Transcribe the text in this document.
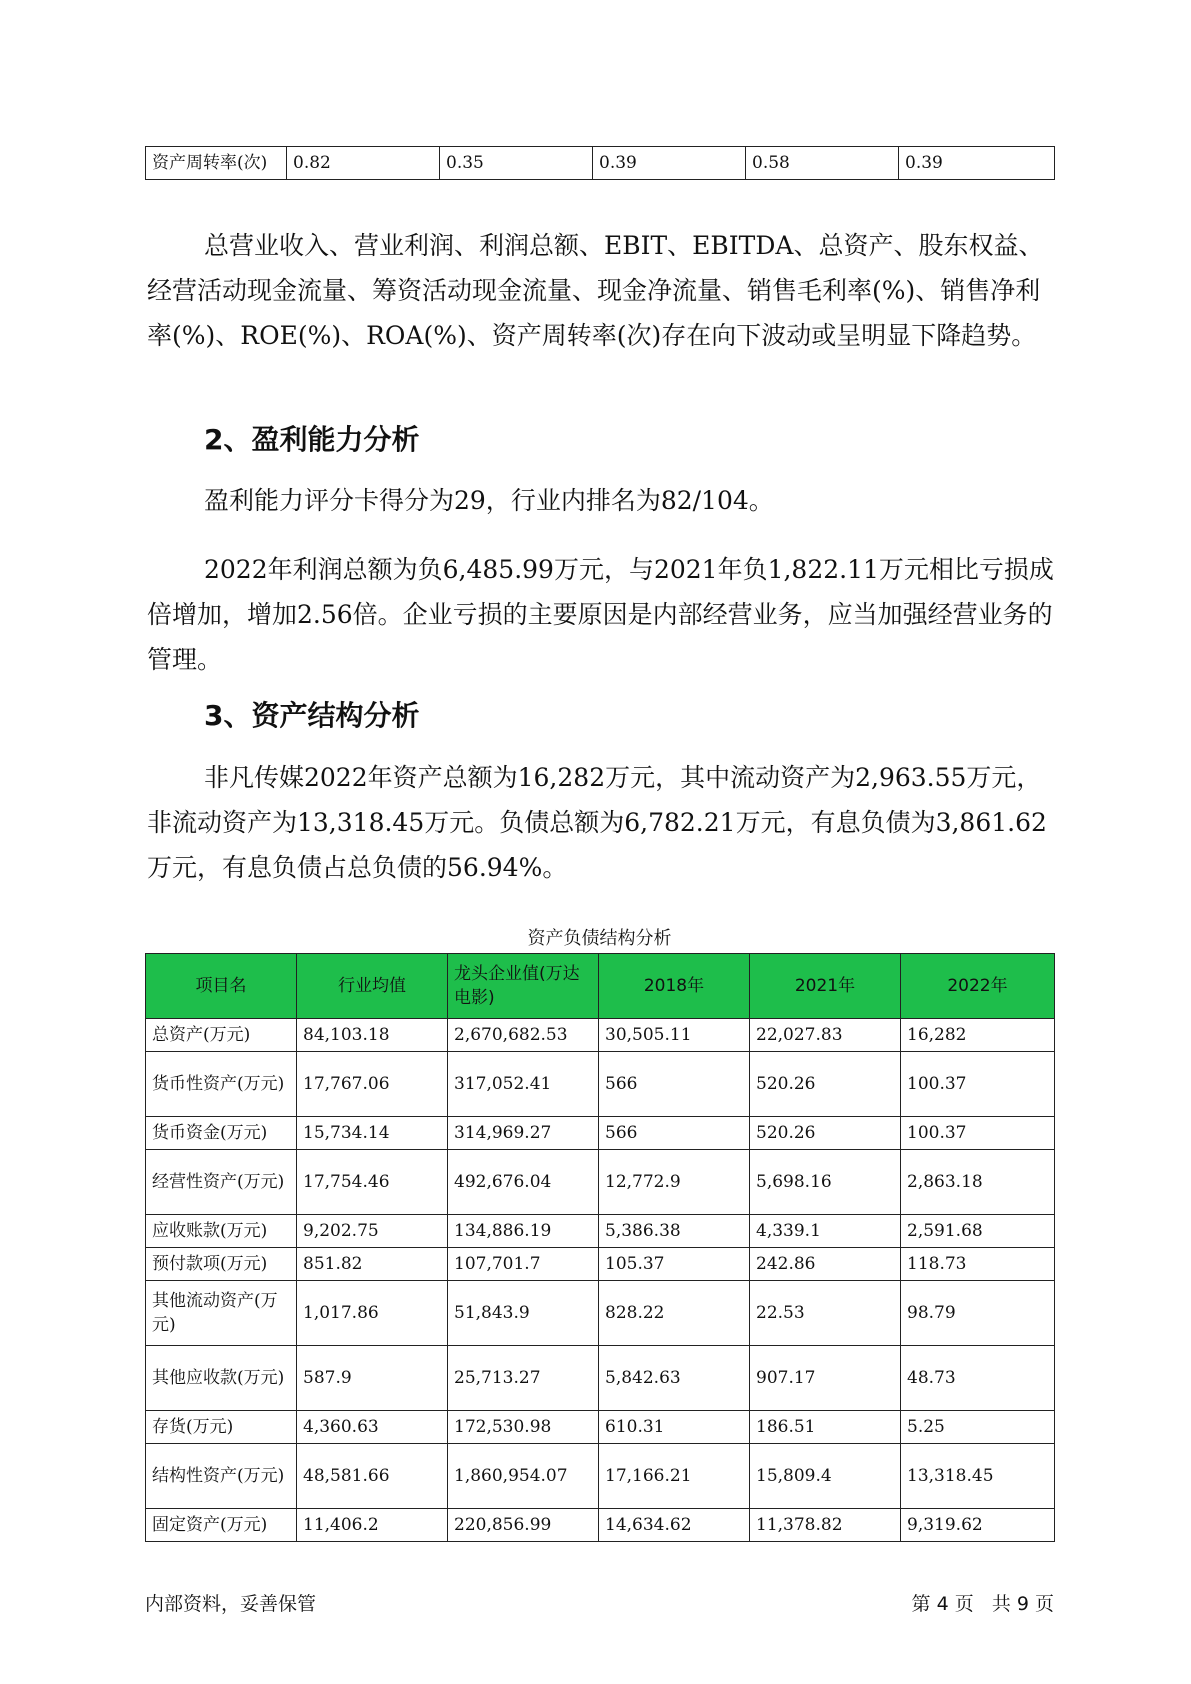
资产周转率(次)	0.82	0.35	0.39	0.58	0.39

总营业收入、营业利润、利润总额、EBIT、EBITDA、总资产、股东权益、经营活动现金流量、筹资活动现金流量、现金净流量、销售毛利率(%)、销售净利率(%)、ROE(%)、ROA(%)、资产周转率(次)存在向下波动或呈明显下降趋势。

2、盈利能力分析

盈利能力评分卡得分为29，行业内排名为82/104。

2022年利润总额为负6,485.99万元，与2021年负1,822.11万元相比亏损成倍增加，增加2.56倍。企业亏损的主要原因是内部经营业务，应当加强经营业务的管理。

3、资产结构分析

非凡传媒2022年资产总额为16,282万元，其中流动资产为2,963.55万元，非流动资产为13,318.45万元。负债总额为6,782.21万元，有息负债为3,861.62万元，有息负债占总负债的56.94%。

资产负债结构分析

项目名	行业均值	龙头企业值(万达电影)	2018年	2021年	2022年
总资产(万元)	84,103.18	2,670,682.53	30,505.11	22,027.83	16,282
货币性资产(万元)	17,767.06	317,052.41	566	520.26	100.37
货币资金(万元)	15,734.14	314,969.27	566	520.26	100.37
经营性资产(万元)	17,754.46	492,676.04	12,772.9	5,698.16	2,863.18
应收账款(万元)	9,202.75	134,886.19	5,386.38	4,339.1	2,591.68
预付款项(万元)	851.82	107,701.7	105.37	242.86	118.73
其他流动资产(万元)	1,017.86	51,843.9	828.22	22.53	98.79
其他应收款(万元)	587.9	25,713.27	5,842.63	907.17	48.73
存货(万元)	4,360.63	172,530.98	610.31	186.51	5.25
结构性资产(万元)	48,581.66	1,860,954.07	17,166.21	15,809.4	13,318.45
固定资产(万元)	11,406.2	220,856.99	14,634.62	11,378.82	9,319.62

内部资料，妥善保管	第 4 页   共 9 页
